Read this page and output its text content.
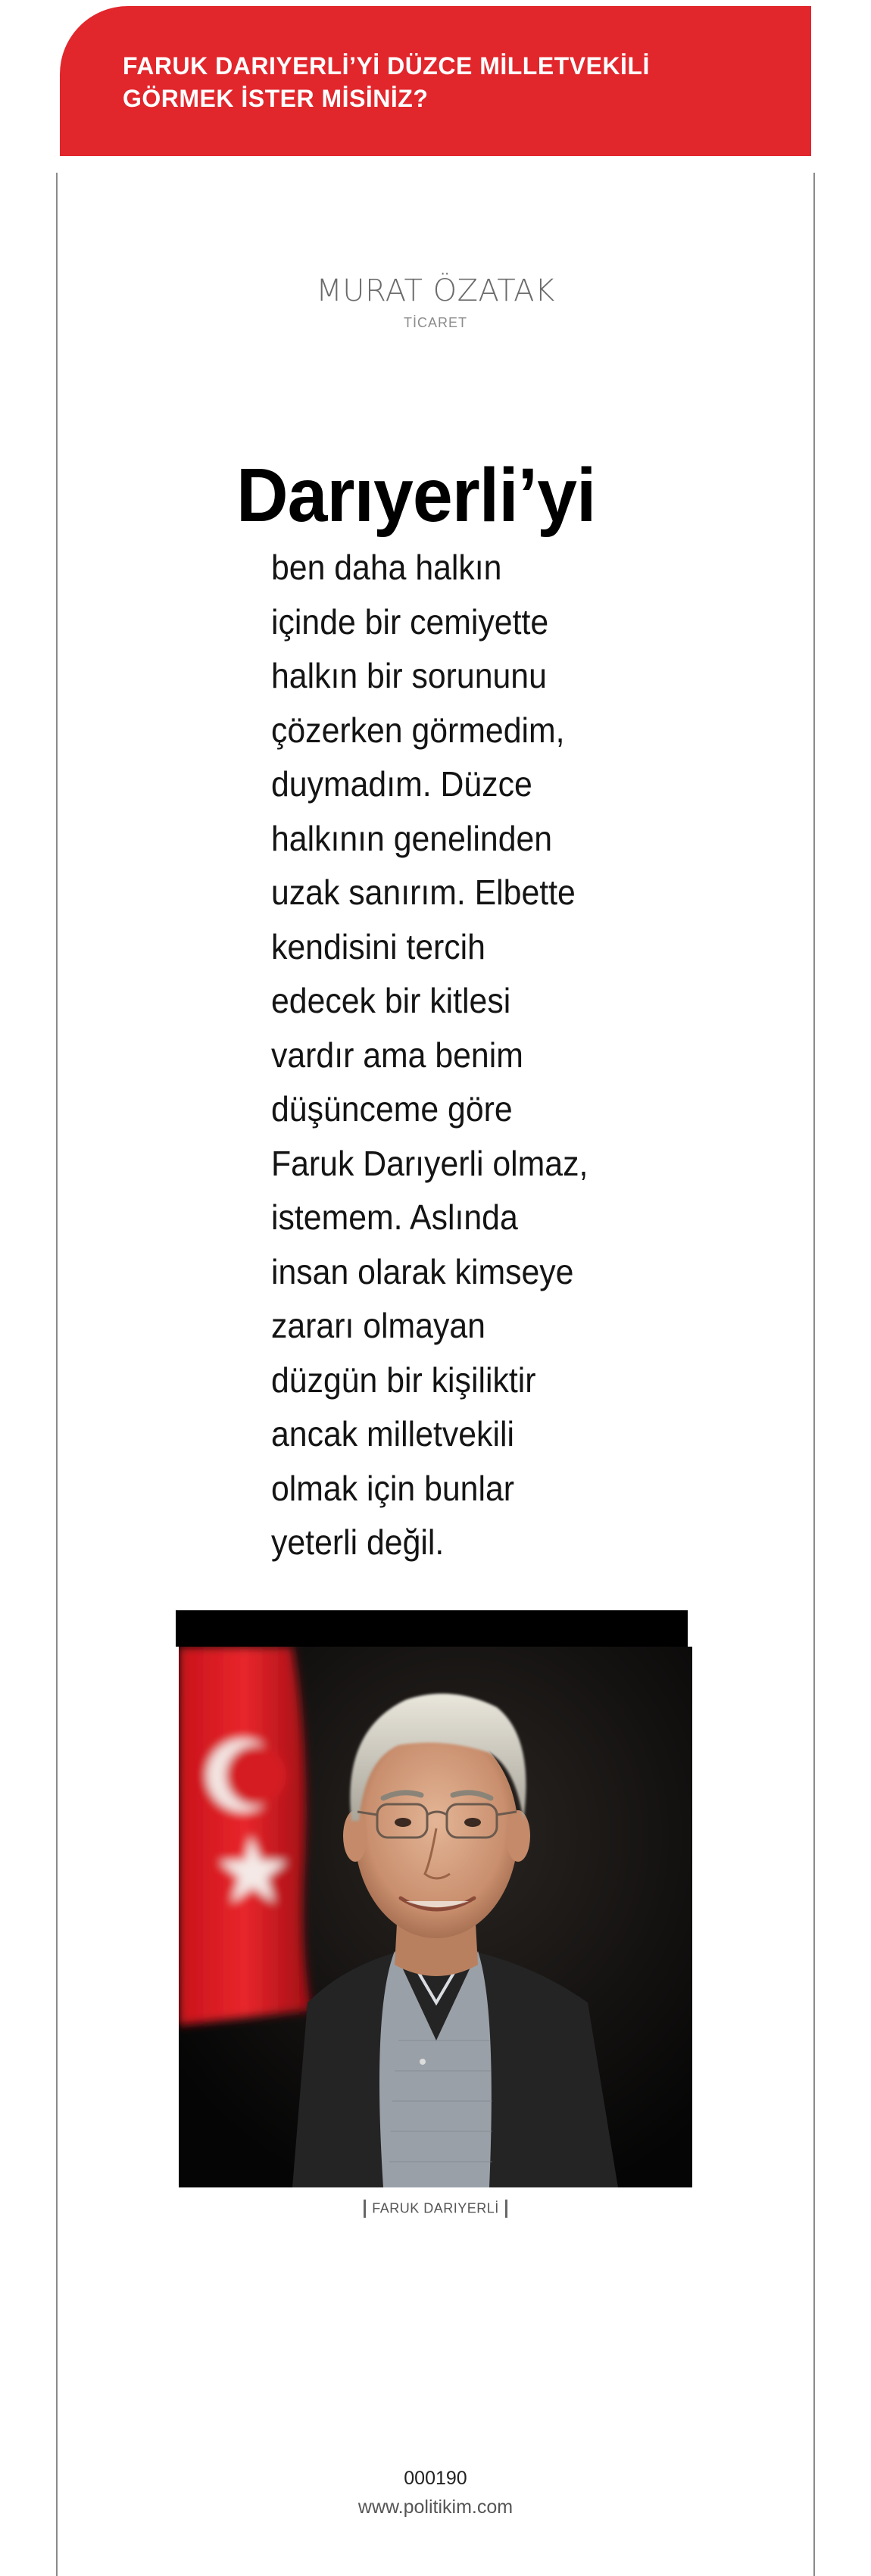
FARUK DARIYERLİ’Yİ DÜZCE MİLLETVEKİLİ GÖRMEK İSTER MİSİNİZ?
MURAT ÖZATAK
TİCARET
Darıyerli’yi

ben daha halkın içinde bir cemiyette halkın bir sorununu çözerken görmedim, duymadım. Düzce halkının genelinden uzak sanırım. Elbette kendisini tercih edecek bir kitlesi vardır ama benim düşünceme göre Faruk Darıyerli olmaz, istemem. Aslında insan olarak kimseye zararı olmayan düzgün bir kişiliktir ancak milletvekili olmak için bunlar yeterli değil.

FARUK DARIYERLİ
000190
www.politikim.com
